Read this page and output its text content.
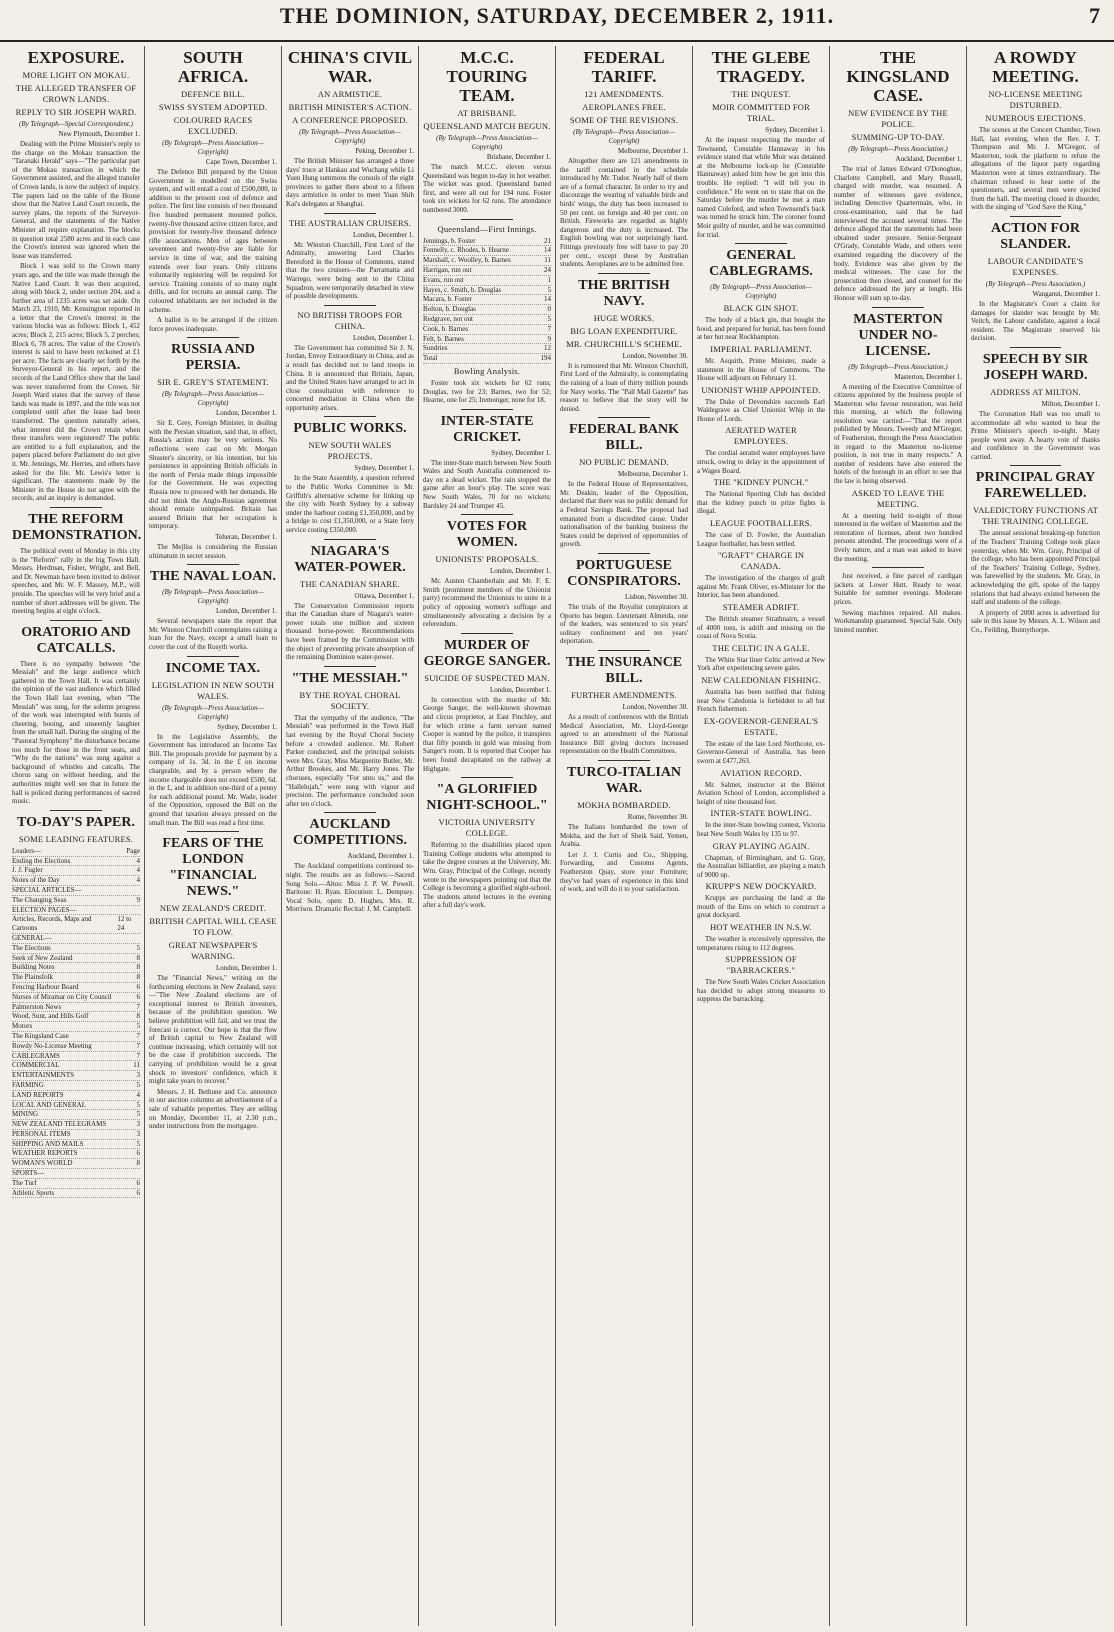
THE DOMINION, SATURDAY, DECEMBER 2, 1911.	7
EXPOSURE.
MORE LIGHT ON MOKAU.
THE ALLEGED TRANSFER OF CROWN LANDS.
REPLY TO SIR JOSEPH WARD.
(By Telegraph—Special Correspondent.)
New Plymouth, December 1.

Dealing with the Prime Minister's reply to the charge on the Mokau transaction the "Taranaki Herald" says—"The particular part of the Mokau transaction in which the Government assisted, and the alleged transfer of Crown lands, is now the subject of inquiry. The papers laid on the table of the House show that the Native Land Court records, the survey plans, the reports of the Surveyor-General, and the statements of the Native Minister all require explanation. The blocks in question total 2580 acres and in each case the Crown's interest was ignored when the lease was transferred.

Block 1 was sold to the Crown many years ago, and the title was made through the Native Land Court. It was then acquired, along with block 2, under section 204, and a further area of 1235 acres was set aside. On March 23, 1910, Mr. Kensington reported in a letter that the Crown's interest in the various blocks was as follows: Block 1, 452 acres; Block 2, 215 acres; Block 5, 2 perches; Block 6, 78 acres. The value of the Crown's interest is said to have been reckoned at £1 per acre. The facts are clearly set forth by the Surveyor-General in his report, and the records of the Land Office show that the land was never transferred from the Crown. Sir Joseph Ward states that the survey of these lands was made in 1897, and the title was not completed until after the lease had been transferred. The question naturally arises, what interest did the Crown retain when these transfers were registered? The public are entitled to a full explanation, and the papers placed before Parliament do not give it. Mr. Jennings, Mr. Herries, and others have asked for the file. Mr. Lewis's letter is significant. The statements made by the Minister in the House do not agree with the records, and an inquiry is demanded.

THE REFORM DEMONSTRATION.

The political event of Monday in this city is the "Reform" rally in the big Town Hall. Messrs. Herdman, Fisher, Wright, and Bell, and Dr. Newman have been invited to deliver speeches, and Mr. W. F. Massey, M.P., will preside. The speeches will be very brief and a number of short addresses will be given. The meeting begins at eight o'clock.

ORATORIO AND CATCALLS.

There is no sympathy between "the Messiah" and the large audience which gathered in the Town Hall. It was certainly the opinion of the vast audience which filled the Town Hall last evening, when "The Messiah" was sung, for the solemn progress of the work was interrupted with bursts of cheering, booing, and unseemly laughter from the small hall. During the singing of the "Pastoral Symphony" the disturbance became too much for those in the front seats, and "Why do the nations" was sung against a background of whistles and catcalls. The chorus sang on without heeding, and the authorities might well see that in future the hall is policed during performances of sacred music.

TO-DAY'S PAPER.
SOME LEADING FEATURES.
Leaders—	Page
Ending the Elections	4
J. J. Fugler	4
Notes of the Day	4
SPECIAL ARTICLES—
The Changing Seas	9
ELECTION PAGES—
Articles, Records, Maps and Cartoons
12 to 24
GENERAL—
The Elections	5
Seek of New Zealand	8
Building Notes	8
The Plainsfolk	8
Fencing Harbour Board	6
Nurses of Miramar on City Council	6
Palmerston News	7
Wood, Sunt, and Hills Golf	8
Motors	5
The Kingsland Case	7
Rowdy No-License Meeting	7
CABLEGRAMS	7
COMMERCIAL	11
ENTERTAINMENTS	3
FARMING	5
LAND REPORTS	4
LOCAL AND GENERAL	5
MINING	5
NEW ZEALAND TELEGRAMS	3
PERSONAL ITEMS	3
SHIPPING AND MAILS	5
WEATHER REPORTS	6
WOMAN'S WORLD	8
SPORTS—
The Turf	6
Athletic Sports	6
SOUTH AFRICA.
DEFENCE BILL.
SWISS SYSTEM ADOPTED.
COLOURED RACES EXCLUDED.
(By Telegraph—Press Association—Copyright)
Cape Town, December 1.

The Defence Bill prepared by the Union Government is modelled on the Swiss system, and will entail a cost of £500,000, in addition to the present cost of defence and police. The first line consists of two thousand five hundred permanent mounted police, twenty-five thousand active citizen force, and provision for twenty-five thousand defence rifle associations. Men of ages between seventeen and twenty-five are liable for service in time of war, and the training extends over four years. Only citizens voluntarily registering will be required for service. Training consists of so many night drills, and for recruits an annual camp. The coloured inhabitants are not included in the scheme.

A ballot is to be arranged if the citizen force proves inadequate.

RUSSIA AND PERSIA.
SIR E. GREY'S STATEMENT.
(By Telegraph—Press Association—Copyright)
London, December 1.

Sir E. Grey, Foreign Minister, in dealing with the Persian situation, said that, in effect, Russia's action may be very serious. No reflections were cast on Mr. Morgan Shuster's sincerity, or his intention, but his persistence in appointing British officials in the north of Persia made things impossible for the Government. He was expecting Russia now to proceed with her demands. He did not think the Anglo-Russian agreement should remain unimpaired. Britain has assured Britain that her occupation is temporary.

Teheran, December 1.

The Mejliss is considering the Russian ultimatum in secret session.

THE NAVAL LOAN.
(By Telegraph—Press Association—Copyright)
London, December 1.

Several newspapers state the report that Mr. Winston Churchill contemplates raising a loan for the Navy, except a small loan to cover the cost of the Rosyth works.

INCOME TAX.
LEGISLATION IN NEW SOUTH WALES.
(By Telegraph—Press Association—Copyright)
Sydney, December 1.

In the Legislative Assembly, the Government has introduced an Income Tax Bill. The proposals provide for payment by a company of 1s. 3d. in the £ on income chargeable, and by a person where the income chargeable does not exceed £500, 6d. in the £, and in addition one-third of a penny for each additional pound. Mr. Wade, leader of the Opposition, opposed the Bill on the ground that taxation always pressed on the small man. The Bill was read a first time.

FEARS OF THE LONDON "FINANCIAL NEWS."
NEW ZEALAND'S CREDIT.
BRITISH CAPITAL WILL CEASE TO FLOW.
GREAT NEWSPAPER'S WARNING.
London, December 1.

The "Financial News," writing on the forthcoming elections in New Zealand, says:—"The New Zealand elections are of exceptional interest to British investors, because of the prohibition question. We believe prohibition will fail, and we trust the forecast is correct. Our hope is that the flow of British capital to New Zealand will continue increasing, which certainly will not be the case if prohibition succeeds. The carrying of prohibition would be a great shock to investors' confidence, which it might take years to recover."

Messrs. J. H. Bethune and Co. announce in our auction columns an advertisement of a sale of valuable properties. They are selling on Monday, December 11, at 2.30 p.m., under instructions from the mortgagee.

CHINA'S CIVIL WAR.
AN ARMISTICE.
BRITISH MINISTER'S ACTION.
A CONFERENCE PROPOSED.
(By Telegraph—Press Association—Copyright)
Peking, December 1.

The British Minister has arranged a three days' truce at Hankau and Wuchang while Li Yuen Hung summons the consuls of the eight provinces to gather there about to a fifteen days armistice in order to meet Yuan Shih Kai's delegates at Shanghai.

THE AUSTRALIAN CRUISERS.
London, December 1.

Mr. Winston Churchill, First Lord of the Admiralty, answering Lord Charles Beresford in the House of Commons, stated that the two cruisers—the Parramatta and Warrego, were being sent to the China Squadron, were temporarily detached in view of possible developments.

NO BRITISH TROOPS FOR CHINA.
London, December 1.

The Government has committed Sir J. N. Jordan, Envoy Extraordinary in China, and as a result has decided not to land troops in China. It is announced that Britain, Japan, and the United States have arranged to act in close consultation with reference to concerted mediation in China when the opportunity arises.

PUBLIC WORKS.
NEW SOUTH WALES PROJECTS.
Sydney, December 1.

In the State Assembly, a question referred to the Public Works Committee is Mr. Griffith's alternative scheme for linking up the city with North Sydney by a subway under the harbour costing £1,350,000, and by a bridge to cost £1,350,000, or a State ferry service costing £350,000.

NIAGARA'S WATER-POWER.
THE CANADIAN SHARE.
Ottawa, December 1.

The Conservation Commission reports that the Canadian share of Niagara's water-power totals one million and sixteen thousand horse-power. Recommendations have been framed by the Commission with the object of preventing private absorption of the remaining Dominion water-power.

"THE MESSIAH."
BY THE ROYAL CHORAL SOCIETY.

That the sympathy of the audience, "The Messiah" was performed in the Town Hall last evening by the Royal Choral Society before a crowded audience. Mr. Robert Parker conducted, and the principal soloists were Mrs. Gray, Miss Marguerite Butler, Mr. Arthur Brookes, and Mr. Harry Jones. The choruses, especially "For unto us," and the "Hallelujah," were sung with vigour and precision. The performance concluded soon after ten o'clock.

AUCKLAND COMPETITIONS.
Auckland, December 1.

The Auckland competitions continued to-night. The results are as follows:—Sacred Song Solo.—Altos: Miss J. P. W. Powell. Baritone: H. Ryan. Elocution: L. Dempsey. Vocal Solo, open: D. Hughes, Mrs. R. Morrison. Dramatic Recital: J. M. Campbell.

M.C.C. TOURING TEAM.
AT BRISBANE.
QUEENSLAND MATCH BEGUN.
(By Telegraph—Press Association—Copyright)
Brisbane, December 1.

The match M.C.C. eleven versus Queensland was begun to-day in hot weather. The wicket was good. Queensland batted first, and were all out for 194 runs. Foster took six wickets for 62 runs. The attendance numbered 3000.

Queensland—First Innings.
Jennings, b. Foster	21
Fennelly, c. Rhodes, b. Hearne	14
Marshall, c. Woolley, b. Barnes	11
Harrigan, run out	24
Evans, run out	1
Hayes, c. Smith, b. Douglas	5
Macara, b. Foster	14
Bolton, b. Douglas	0
Redgrave, not out	5
Cook, b. Barnes	7
Felt, b. Barnes	9
Sundries	12
Total	194
Bowling Analysis.

Foster took six wickets for 62 runs; Douglas, two for 23; Barnes, two for 52; Hearne, one for 25; Iremonger, none for 18.

INTER-STATE CRICKET.
Sydney, December 1.

The inter-State match between New South Wales and South Australia commenced to-day on a dead wicket. The rain stopped the game after an hour's play. The score was: New South Wales, 70 for no wickets; Bardsley 24 and Trumper 45.

VOTES FOR WOMEN.
UNIONISTS' PROPOSALS.
London, December 1.

Mr. Austen Chamberlain and Mr. F. E. Smith (prominent members of the Unionist party) recommend the Unionists to unite in a policy of opposing women's suffrage and simultaneously advocating a decision by a referendum.

MURDER OF GEORGE SANGER.
SUICIDE OF SUSPECTED MAN.
London, December 1.

In connection with the murder of Mr. George Sanger, the well-known showman and circus proprietor, at East Finchley, and for which crime a farm servant named Cooper is wanted by the police, it transpires that fifty pounds in gold was missing from Sanger's room. It is reported that Cooper has been found decapitated on the railway at Highgate.

"A GLORIFIED NIGHT-SCHOOL."
VICTORIA UNIVERSITY COLLEGE.

Referring to the disabilities placed upon Training College students who attempted to take the degree courses at the University, Mr. Wm. Gray, Principal of the College, recently wrote to the newspapers pointing out that the College is becoming a glorified night-school. The students attend lectures in the evening after a full day's work.

FEDERAL TARIFF.
121 AMENDMENTS.
AEROPLANES FREE.
SOME OF THE REVISIONS.
(By Telegraph—Press Association—Copyright)
Melbourne, December 1.

Altogether there are 121 amendments in the tariff contained in the schedule introduced by Mr. Tudor. Nearly half of them are of a formal character. In order to try and discourage the wearing of valuable birds and birds' wings, the duty has been increased to 50 per cent. on foreign and 40 per cent. on British. Fireworks are regarded as highly dangerous and the duty is increased. The English bowling was not surprisingly hard. Fittings previously free will have to pay 20 per cent., except those by Australian students. Aeroplanes are to be admitted free.

THE BRITISH NAVY.
HUGE WORKS.
BIG LOAN EXPENDITURE.
MR. CHURCHILL'S SCHEME.
London, November 30.

It is rumoured that Mr. Winston Churchill, First Lord of the Admiralty, is contemplating the raising of a loan of thirty million pounds for Navy works. The "Pall Mall Gazette" has reason to believe that the story will be denied.

FEDERAL BANK BILL.
NO PUBLIC DEMAND.
Melbourne, December 1.

In the Federal House of Representatives, Mr. Deakin, leader of the Opposition, declared that there was no public demand for a Federal Savings Bank. The proposal had emanated from a discredited cause. Under nationalisation of the banking business the States could be deprived of opportunities of growth.

PORTUGUESE CONSPIRATORS.
Lisbon, November 30.

The trials of the Royalist conspirators at Oporto has begun. Lieutenant Almeida, one of the leaders, was sentenced to six years' solitary confinement and ten years' deportation.

THE INSURANCE BILL.
FURTHER AMENDMENTS.
London, November 30.

As a result of conferences with the British Medical Association, Mr. Lloyd-George agreed to an amendment of the National Insurance Bill giving doctors increased representation on the Health Committees.

TURCO-ITALIAN WAR.
MOKHA BOMBARDED.
Rome, November 30.

The Italians bombarded the town of Mokha, and the fort of Sheik Said, Yemen, Arabia.

Let J. J. Curtis and Co., Shipping, Forwarding, and Customs Agents, Featherston Quay, store your Furniture; they've had years of experience in this kind of work, and will do it to your satisfaction.

THE GLEBE TRAGEDY.
THE INQUEST.
MOIR COMMITTED FOR TRIAL.
Sydney, December 1.

At the inquest respecting the murder of Townsend, Constable Hannaway in his evidence stated that while Moir was detained at the Melbourne lock-up he (Constable Hannaway) asked him how he got into this trouble. He replied: "I will tell you in confidence." He went on to state that on the Saturday before the murder he met a man named Coleford, and when Townsend's back was turned he struck him. The coroner found Moir guilty of murder, and he was committed for trial.

GENERAL CABLEGRAMS.
(By Telegraph—Press Association—Copyright)
BLACK GIN SHOT.

The body of a black gin, that bought the hood, and prepared for burial, has been found at her hut near Rockhampton.

IMPERIAL PARLIAMENT.

Mr. Asquith, Prime Minister, made a statement in the House of Commons. The House will adjourn on February 11.

UNIONIST WHIP APPOINTED.

The Duke of Devonshire succeeds Earl Waldegrave as Chief Unionist Whip in the House of Lords.

AERATED WATER EMPLOYEES.

The cordial aerated water employees have struck, owing to delay in the appointment of a Wages Board.

THE "KIDNEY PUNCH."

The National Sporting Club has decided that the kidney punch in prize fights is illegal.

LEAGUE FOOTBALLERS.

The case of D. Fowler, the Australian League footballer, has been settled.

"GRAFT" CHARGE IN CANADA.

The investigation of the charges of graft against Mr. Frank Oliver, ex-Minister for the Interior, has been abandoned.

STEAMER ADRIFT.

The British steamer Strathnairn, a vessel of 4000 tons, is adrift and missing on the coast of Nova Scotia.

THE CELTIC IN A GALE.

The White Star liner Celtic arrived at New York after experiencing severe gales.

NEW CALEDONIAN FISHING.

Australia has been notified that fishing near New Caledonia is forbidden to all but French fishermen.

EX-GOVERNOR-GENERAL'S ESTATE.

The estate of the late Lord Northcote, ex-Governor-General of Australia, has been sworn at £477,263.

AVIATION RECORD.

Mr. Salmet, instructor at the Blériot Aviation School of London, accomplished a height of nine thousand feet.

INTER-STATE BOWLING.

In the inter-State bowling contest, Victoria beat New South Wales by 135 to 97.

GRAY PLAYING AGAIN.

Chapman, of Birmingham, and G. Gray, the Australian billiardist, are playing a match of 9000 up.

KRUPP'S NEW DOCKYARD.

Krupps are purchasing the land at the mouth of the Ems on which to construct a great dockyard.

HOT WEATHER IN N.S.W.

The weather is excessively oppressive, the temperatures rising to 112 degrees.

SUPPRESSION OF "BARRACKERS."

The New South Wales Cricket Association has decided to adopt strong measures to suppress the barracking.

THE KINGSLAND CASE.
NEW EVIDENCE BY THE POLICE.
SUMMING-UP TO-DAY.
(By Telegraph—Press Association.)
Auckland, December 1.

The trial of James Edward O'Donoghue, Charlotte Campbell, and Mary Russell, charged with murder, was resumed. A number of witnesses gave evidence, including Detective Quartermain, who, in cross-examination, said that he had interviewed the accused several times. The defence alleged that the statements had been obtained under pressure. Senior-Sergeant O'Grady, Constable Wade, and others were examined regarding the discovery of the body. Evidence was also given by the medical witnesses. The case for the prosecution then closed, and counsel for the defence addressed the jury at length. His Honour will sum up to-day.

MASTERTON UNDER NO-LICENSE.
(By Telegraph—Press Association.)
Masterton, December 1.

A meeting of the Executive Committee of citizens appointed by the business people of Masterton who favour restoration, was held this morning, at which the following resolution was carried:—"That the report published by Messrs. Tweedy and M'Gregor, of Featherston, through the Press Association in regard to the Masterton no-license position, is not true in many respects." A number of residents have also entered the hotels of the borough in an effort to see that the law is being observed.

ASKED TO LEAVE THE MEETING.

At a meeting held to-night of those interested in the welfare of Masterton and the restoration of licenses, about two hundred persons attended. The proceedings were of a lively nature, and a man was asked to leave the meeting.

Just received, a fine parcel of cardigan jackets at Lower Hutt. Ready to wear. Suitable for summer evenings. Moderate prices.

Sewing machines repaired. All makes. Workmanship guaranteed. Special Sale. Only limited number.

A ROWDY MEETING.
NO-LICENSE MEETING DISTURBED.
NUMEROUS EJECTIONS.

The scenes at the Concert Chamber, Town Hall, last evening, when the Rev. J. T. Thompson and Mr. J. M'Gregor, of Masterton, took the platform to refute the allegations of the liquor party regarding Masterton were at times extraordinary. The chairman refused to hear some of the questioners, and several men were ejected from the hall. The meeting closed in disorder, with the singing of "God Save the King."

ACTION FOR SLANDER.
LABOUR CANDIDATE'S EXPENSES.
(By Telegraph—Press Association.)
Wanganui, December 1.

In the Magistrate's Court a claim for damages for slander was brought by Mr. Veitch, the Labour candidate, against a local resident. The Magistrate reserved his decision.

SPEECH BY SIR JOSEPH WARD.
ADDRESS AT MILTON.
Milton, December 1.

The Coronation Hall was too small to accommodate all who wanted to hear the Prime Minister's speech to-night. Many people went away. A hearty vote of thanks and confidence in the Government was carried.

PRINCIPAL GRAY FAREWELLED.
VALEDICTORY FUNCTIONS AT THE TRAINING COLLEGE.

The annual sessional breaking-up function of the Teachers' Training College took place yesterday, when Mr. Wm. Gray, Principal of the college, who has been appointed Principal of the Teachers' Training College, Sydney, was farewelled by the students. Mr. Gray, in acknowledging the gift, spoke of the happy relations that had always existed between the staff and students of the college.

A property of 2000 acres is advertised for sale in this issue by Messrs. A. L. Wilson and Co., Feilding, Bunnythorpe.
